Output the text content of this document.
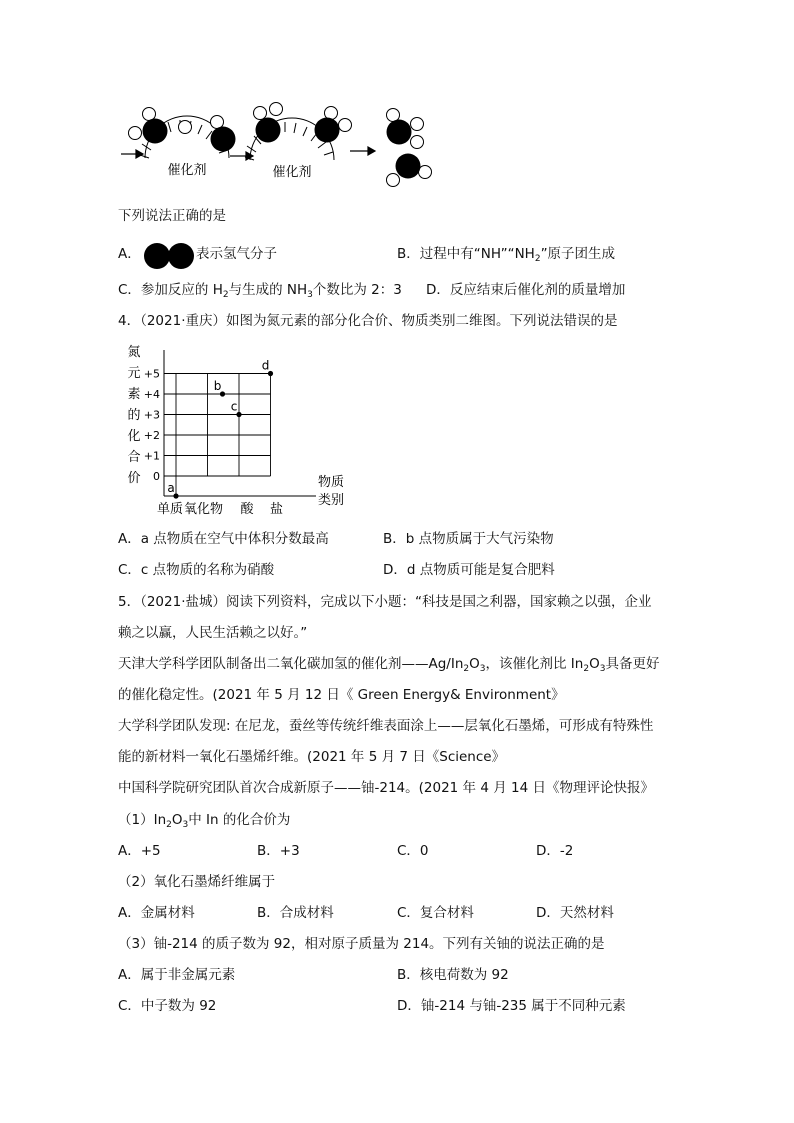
催化剂	催化剂
下列说法正确的是
A．	表示氢气分子	B．过程中有“$NH”“NH_2$”原子团生成
C．参加反应的 $H_2$与生成的 $NH_3$个数比为 2：3 D．反应结束后催化剂的质量增加
4．（2021·重庆）如图为氮元素的部分化合价、物质类别二维图。下列说法错误的是
氮
元
素
的
化
合
价
+5
+4
+3
+2
+1
0
单质 氧化物 酸 盐
物质
类别
a
b
c
d
A．a 点物质在空气中体积分数最高	B．b 点物质属于大气污染物
C．c 点物质的名称为硝酸	D．d 点物质可能是复合肥料
5．（2021·盐城）阅读下列资料，完成以下小题：“科技是国之利器，国家赖之以强，企业
赖之以赢，人民生活赖之以好。”
天津大学科学团队制备出二氧化碳加氢的催化剂$——Ag/In_2O_3$，该催化剂比 $In_2O_3$具备更好
的催化稳定性。(2021 年 5 月 12 日《 Green Energy& Environment》
大学科学团队发现: 在尼龙，蚕丝等传统纤维表面涂上——层氧化石墨烯，可形成有特殊性
能的新材料一氧化石墨烯纤维。(2021 年 5 月 7 日《Science》
中国科学院研究团队首次合成新原子——铀-214。(2021 年 4 月 14 日《物理评论快报》
$(1)In_2O_3$中 In 的化合价为
A．+5	B．+3	C．0	D．-2
（2）氧化石墨烯纤维属于
A．金属材料	B．合成材料	C．复合材料	D．天然材料
（3）铀-214 的质子数为 92，相对原子质量为 214。下列有关铀的说法正确的是
A．属于非金属元素	B．核电荷数为 92
C．中子数为 92	D．铀-214 与铀-235 属于不同种元素
